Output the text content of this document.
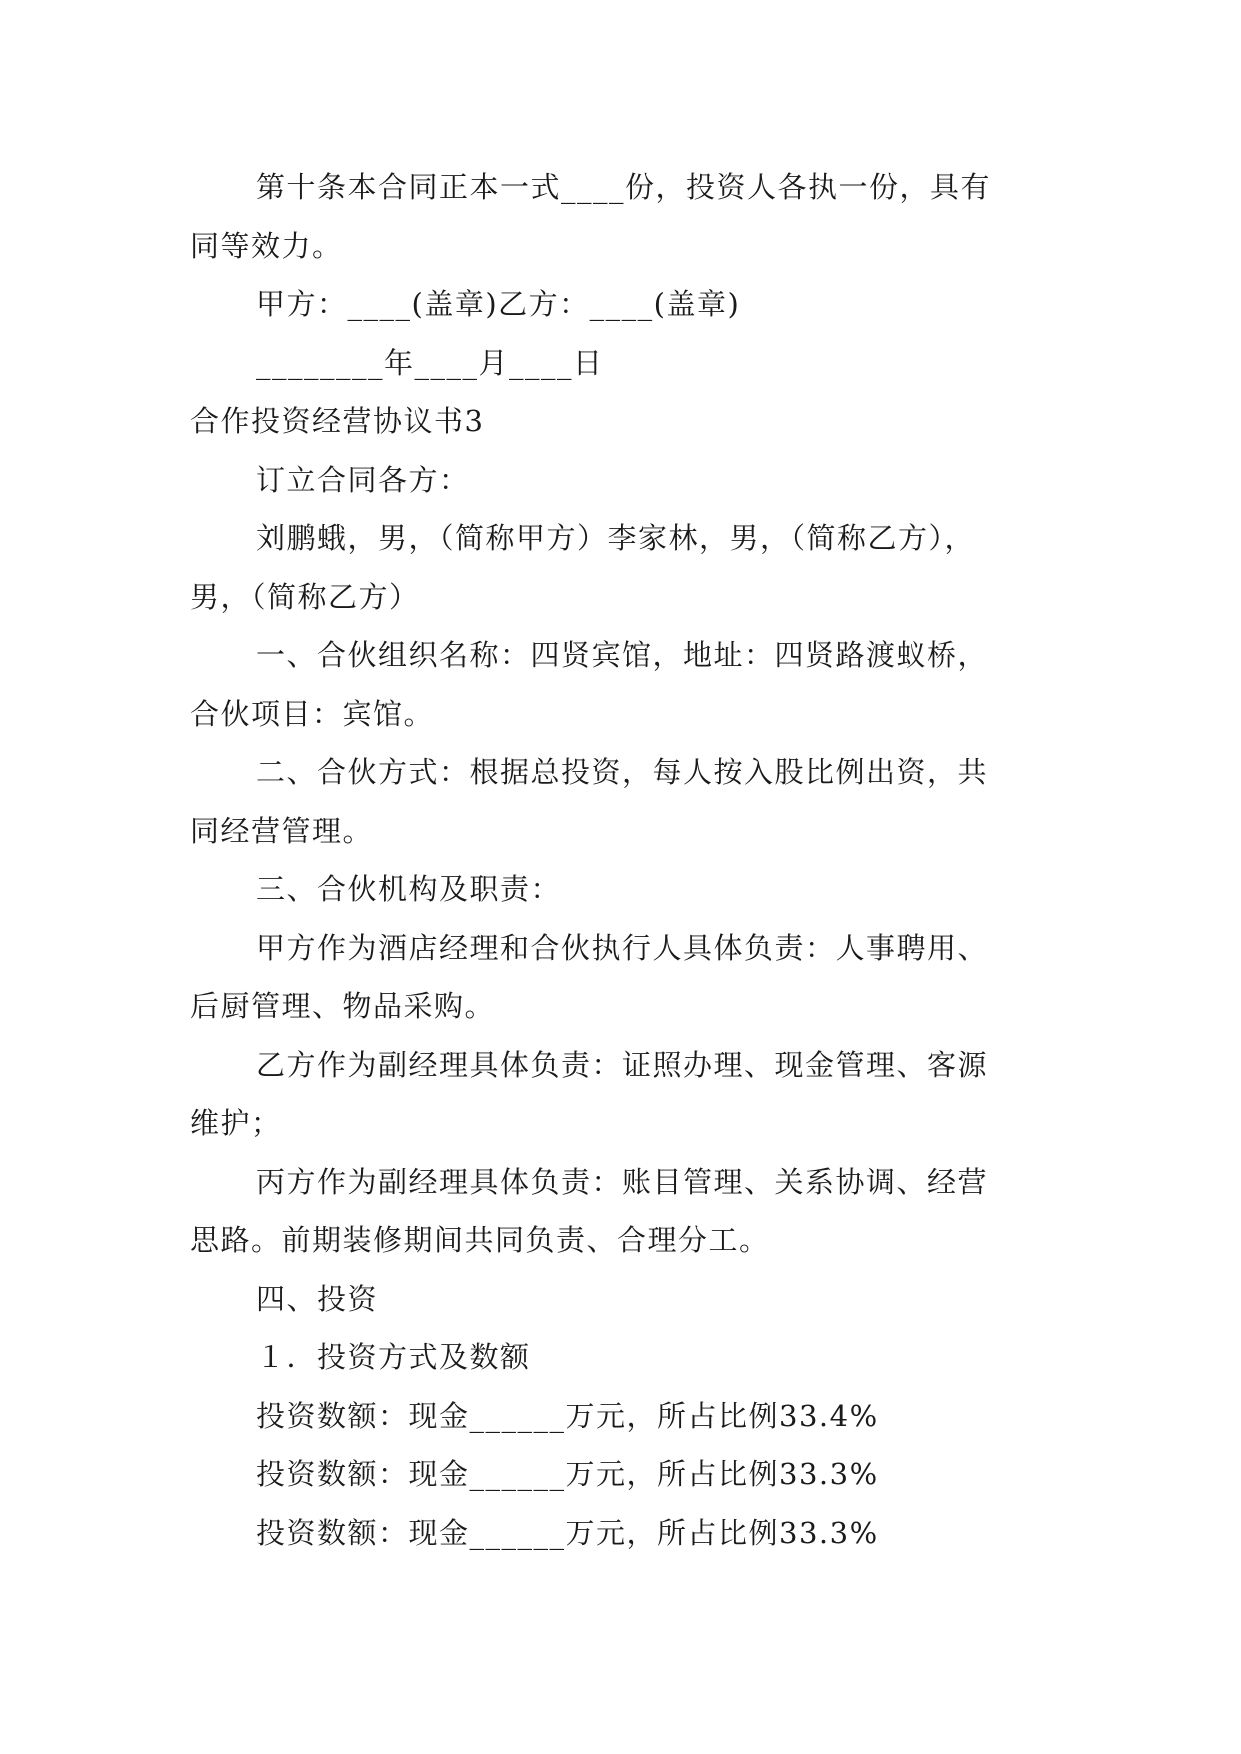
第十条本合同正本一式____份，投资人各执一份，具有
同等效力。
甲方：____(盖章)乙方：____(盖章)
________年____月____日
合作投资经营协议书3
订立合同各方：
刘鹏蛾，男，（简称甲方）李家林，男，（简称乙方），
男，（简称乙方）
一、合伙组织名称：四贤宾馆，地址：四贤路渡蚁桥，
合伙项目：宾馆。
二、合伙方式：根据总投资，每人按入股比例出资，共
同经营管理。
三、合伙机构及职责：
甲方作为酒店经理和合伙执行人具体负责：人事聘用、
后厨管理、物品采购。
乙方作为副经理具体负责：证照办理、现金管理、客源
维护；
丙方作为副经理具体负责：账目管理、关系协调、经营
思路。前期装修期间共同负责、合理分工。
四、投资
１．投资方式及数额
投资数额：现金______万元，所占比例33.4%
投资数额：现金______万元，所占比例33.3%
投资数额：现金______万元，所占比例33.3%
